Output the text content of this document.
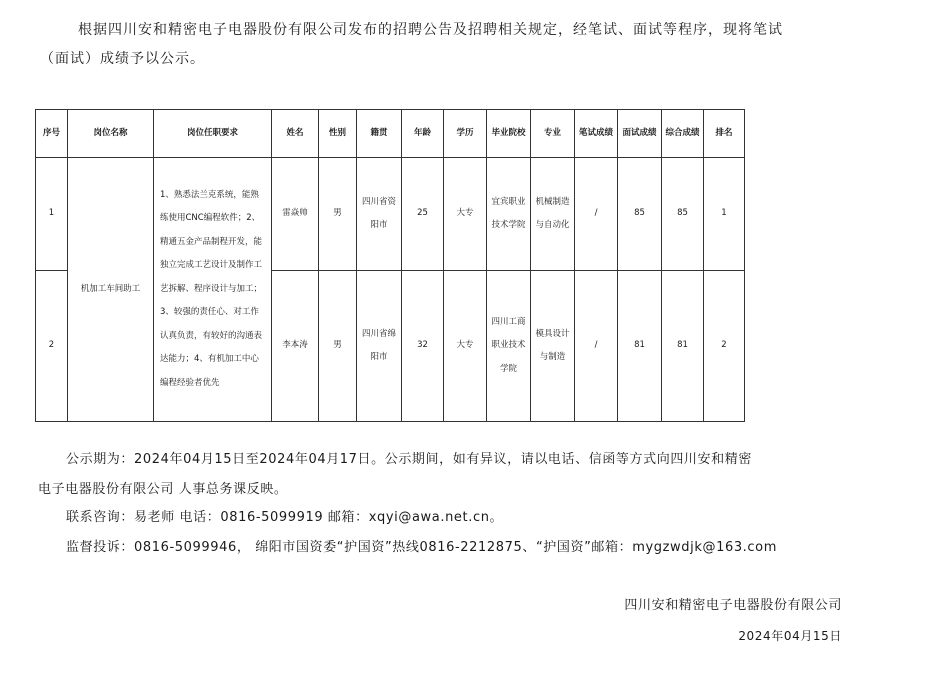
根据四川安和精密电子电器股份有限公司发布的招聘公告及招聘相关规定，经笔试、面试等程序，现将笔试
（面试）成绩予以公示。
序号	岗位名称	岗位任职要求	姓名	性别	籍贯	年龄	学历	毕业院校	专业	笔试成绩	面试成绩	综合成绩	排名
1	机加工车间助工	1、熟悉法兰克系统，能熟练使用CNC编程软件；2、精通五金产品制程开发，能独立完成工艺设计及制作工艺拆解、程序设计与加工；3、较强的责任心、对工作认真负责，有较好的沟通表达能力；4、有机加工中心编程经验者优先	雷焱帅	男	四川省资阳市	25	大专	宜宾职业技术学院	机械制造与自动化	/	85	85	1
2			李本涛	男	四川省绵阳市	32	大专	四川工商职业技术学院	模具设计与制造	/	81	81	2
公示期为：2024年04月15日至2024年04月17日。公示期间，如有异议，请以电话、信函等方式向四川安和精密
电子电器股份有限公司 人事总务课反映。
联系咨询：易老师 电话：0816-5099919 邮箱：xqyi@awa.net.cn。
监督投诉：0816-5099946， 绵阳市国资委“护国资”热线0816-2212875、“护国资”邮箱：mygzwdjk@163.com
四川安和精密电子电器股份有限公司
2024年04月15日
